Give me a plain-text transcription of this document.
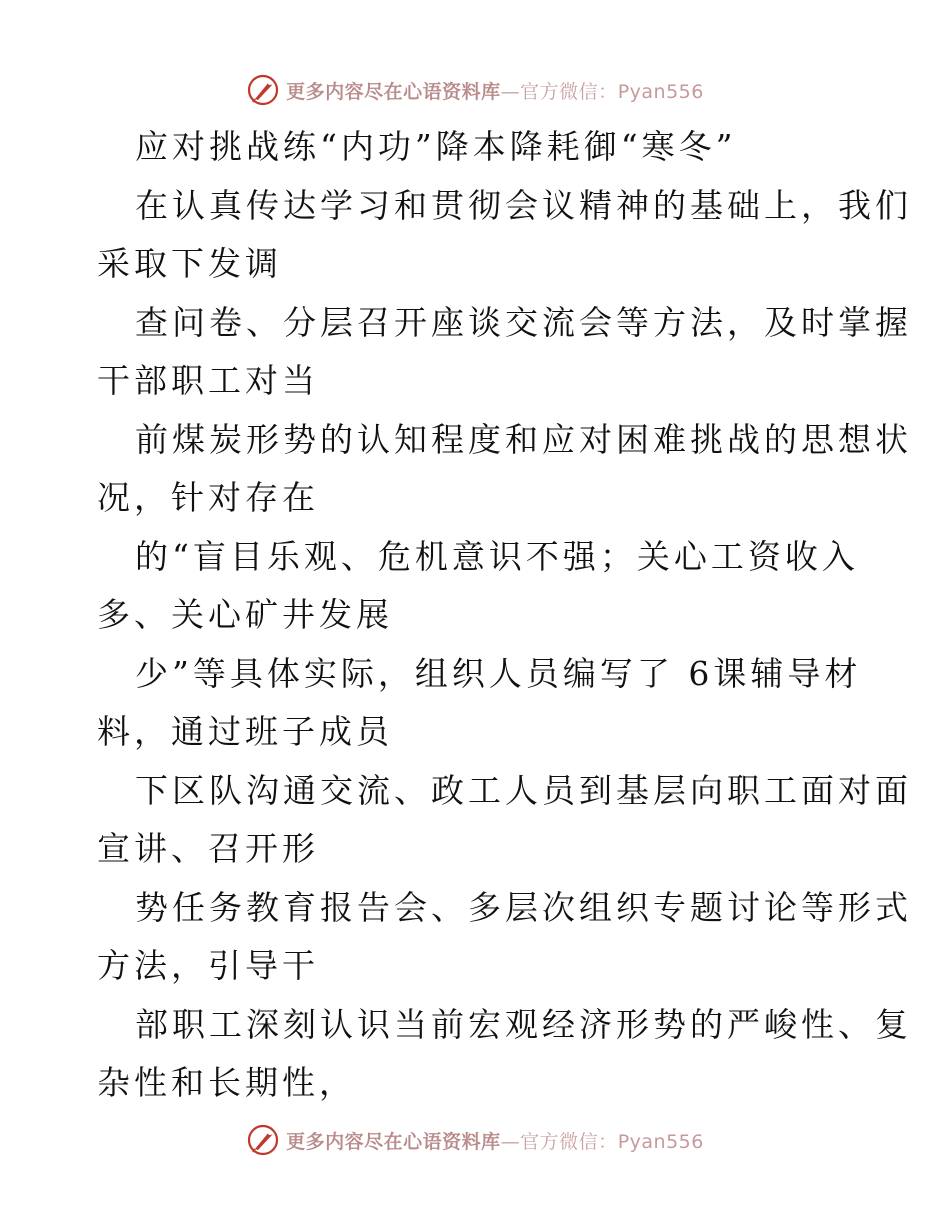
更多内容尽在心语资料库—官方微信：Pyan556
应对挑战练“内功”降本降耗御“寒冬”
在认真传达学习和贯彻会议精神的基础上，我们
采取下发调
查问卷、分层召开座谈交流会等方法，及时掌握
干部职工对当
前煤炭形势的认知程度和应对困难挑战的思想状
况，针对存在
的“盲目乐观、危机意识不强；关心工资收入
多、关心矿井发展
少”等具体实际，组织人员编写了 6课辅导材
料，通过班子成员
下区队沟通交流、政工人员到基层向职工面对面
宣讲、召开形
势任务教育报告会、多层次组织专题讨论等形式
方法，引导干
部职工深刻认识当前宏观经济形势的严峻性、复
杂性和长期性，
更多内容尽在心语资料库—官方微信：Pyan556
